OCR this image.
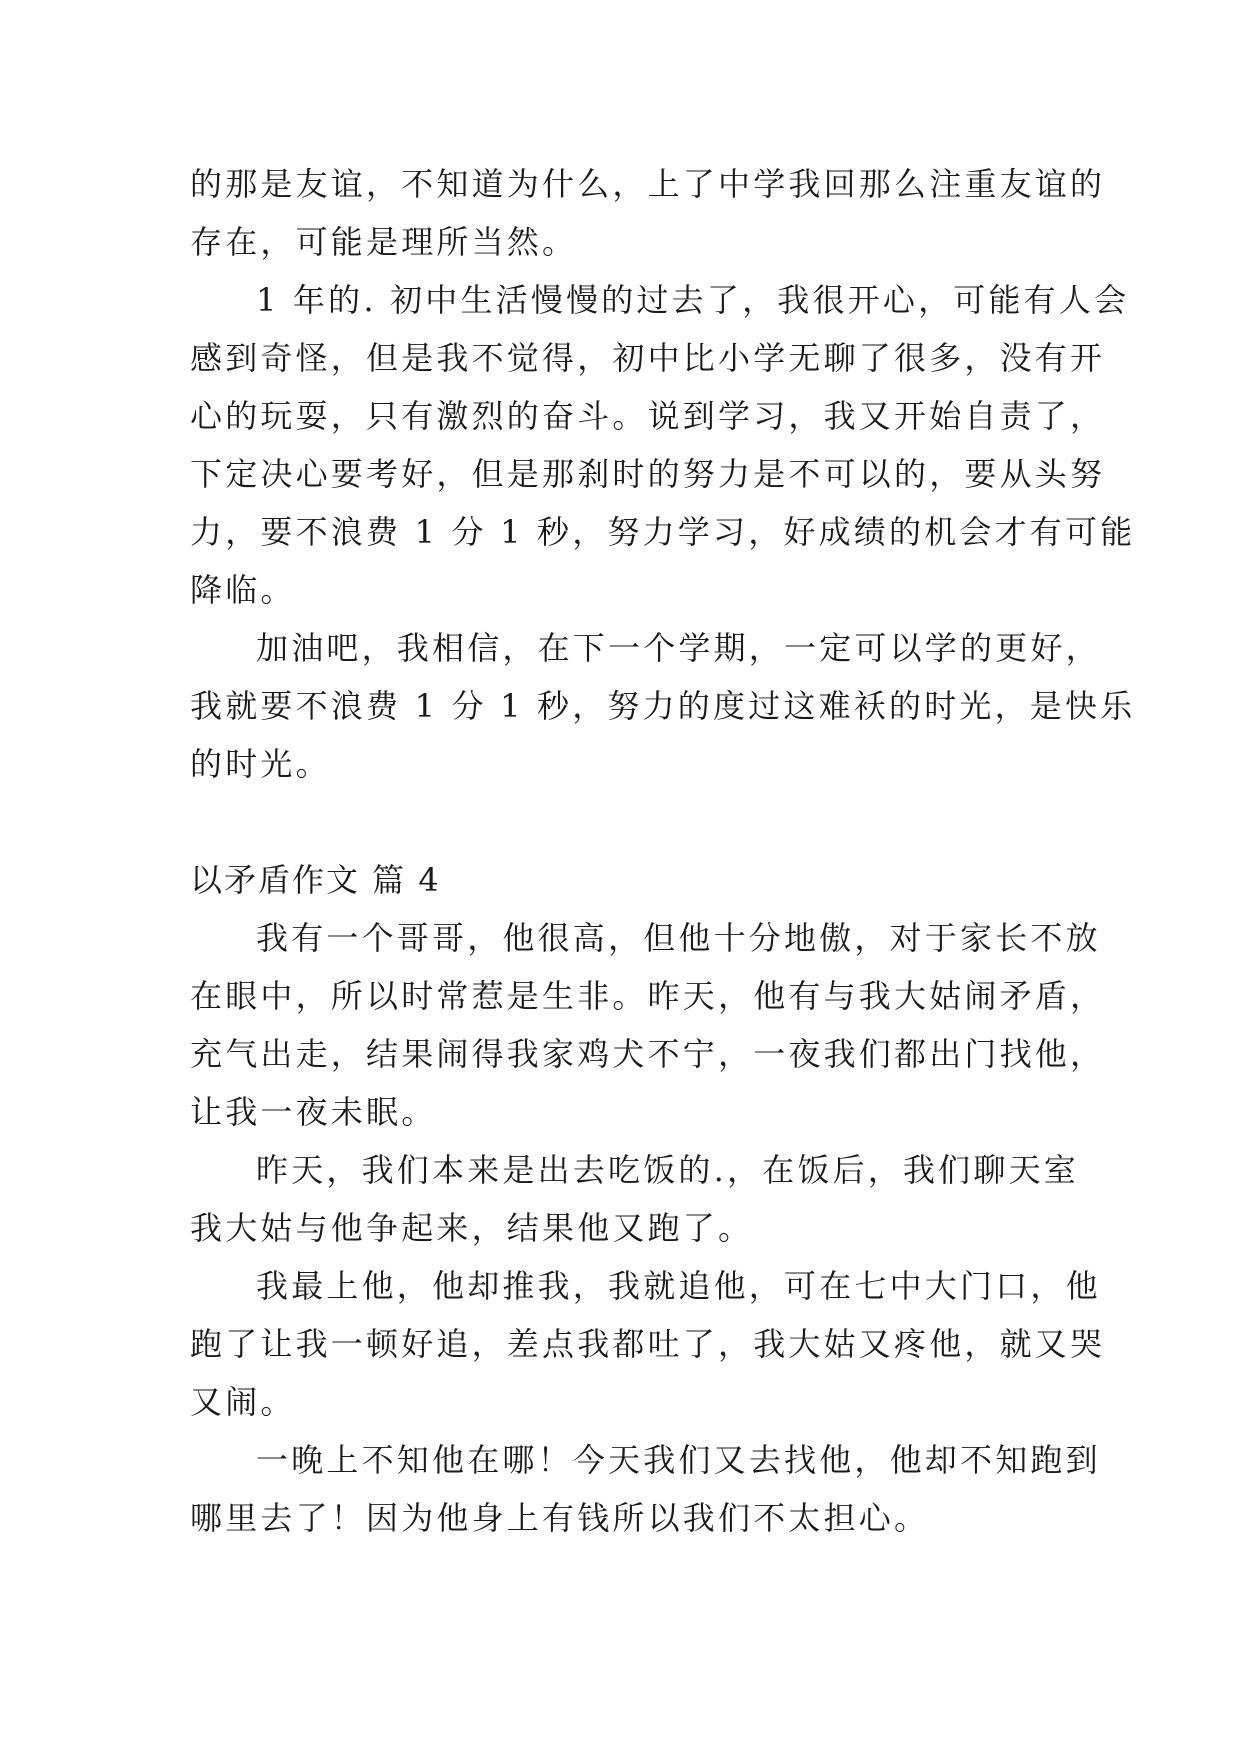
的那是友谊，不知道为什么，上了中学我回那么注重友谊的
存在，可能是理所当然。
1 年的. 初中生活慢慢的过去了，我很开心，可能有人会
感到奇怪，但是我不觉得，初中比小学无聊了很多，没有开
心的玩耍，只有激烈的奋斗。说到学习，我又开始自责了，
下定决心要考好，但是那刹时的努力是不可以的，要从头努
力，要不浪费 1 分 1 秒，努力学习，好成绩的机会才有可能
降临。
加油吧，我相信，在下一个学期，一定可以学的更好，
我就要不浪费 1 分 1 秒，努力的度过这难袄的时光，是快乐
的时光。
以矛盾作文 篇 4
我有一个哥哥，他很高，但他十分地傲，对于家长不放
在眼中，所以时常惹是生非。昨天，他有与我大姑闹矛盾，
充气出走，结果闹得我家鸡犬不宁，一夜我们都出门找他，
让我一夜未眠。
昨天，我们本来是出去吃饭的.，在饭后，我们聊天室
我大姑与他争起来，结果他又跑了。
我最上他，他却推我，我就追他，可在七中大门口，他
跑了让我一顿好追，差点我都吐了，我大姑又疼他，就又哭
又闹。
一晚上不知他在哪！今天我们又去找他，他却不知跑到
哪里去了！因为他身上有钱所以我们不太担心。
